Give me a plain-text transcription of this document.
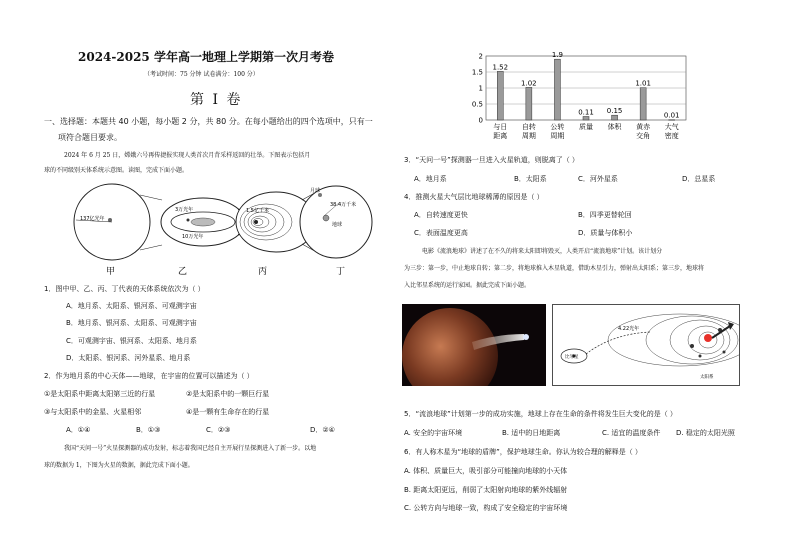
2024-2025 学年高一地理上学期第一次月考卷
（考试时间：75 分钟 试卷满分：100 分）
第 I 卷
一、选择题：本题共 40 小题，每小题 2 分，共 80 分。在每小题给出的四个选项中，只有一
项符合题目要求。
2024 年 6 月 25 日，嫦娥六号再传捷报实现人类首次月背采样返回的壮举。下图表示包括月
球的不同级别天体系统示意图。读图，完成下面小题。
137亿光年
3万光年
10万光年
1.5亿千米
月球
38.4万千米
地球
甲	乙	丙	丁
1．图中甲、乙、丙、丁代表的天体系统依次为（ ）
A．地月系、太阳系、银河系、可观测宇宙
B．地月系、银河系、太阳系、可观测宇宙
C．可观测宇宙、银河系、太阳系、地月系
D．太阳系、银河系、河外星系、地月系
2．作为地月系的中心天体——地球，在宇宙的位置可以描述为（ ）
①是太阳系中距离太阳第三近的行星	②是太阳系中的一颗巨行星
③与太阳系中的金星、火星相邻	④是一颗有生命存在的行星
A．①④	B．①③	C．②③	D．②④
我国“天问一号”火星探测器的成功发射，标志着我国已经自主开展行星探测进入了新一步。以地
球的数据为 1，下图为火星的数据，据此完成下面小题。
0
0.5
1
1.5
2
1.52
与日
距离
1.02
自转
周期
1.9
公转
周期
0.11
质量
0.15
体积
1.01
黄赤
交角
0.01
大气
密度
3．“天问一号”探测器一旦进入火星轨道，则脱离了（ ）
A．地月系	B．太阳系	C．河外星系	D．总星系
4．推测火星大气层比地球稀薄的原因是（ ）
A．自转速度更快	B．四季更替轮回
C．表面温度更高	D．质量与体积小
电影《流浪地球》讲述了在不久的将来太阳即将毁灭，人类开启“流浪地球”计划。该计划分
为三步：第一步，中止地球自转；第二步，将地球推入木星轨道，借助木星引力，弹射出太阳系；第三步，地球将
入比邻星系统的运行家园。据此完成下面小题。
比邻星
4.22光年
太阳系
5．“流浪地球”计划第一步的成功实施，地球上存在生命的条件将发生巨大变化的是（ ）
A. 安全的宇宙环境	B. 适中的日地距离	C. 适宜的温度条件 D. 稳定的太阳光照
6．有人称木星为“地球的盾牌”，保护地球生命。你认为较合理的解释是（ ）
A. 体积、质量巨大，吸引部分可能撞向地球的小天体
B. 距离太阳更远，削弱了太阳射向地球的紫外线辐射
C. 公转方向与地球一致，构成了安全稳定的宇宙环境
